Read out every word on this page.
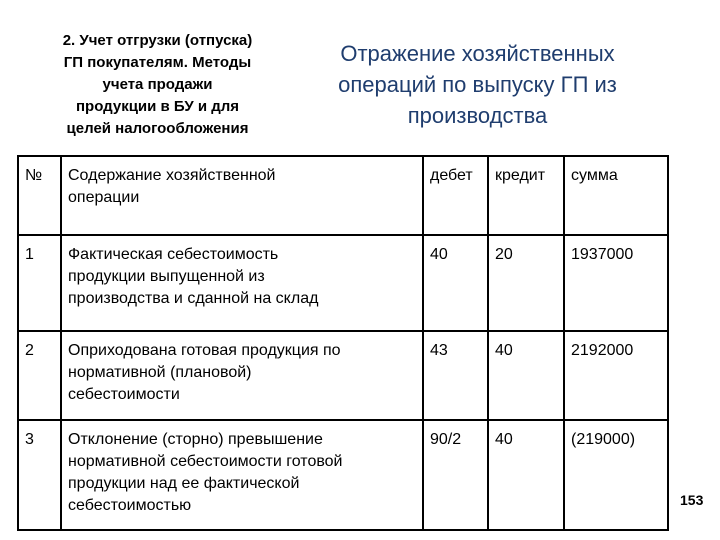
2. Учет отгрузки (отпуска)
ГП покупателям. Методы
учета продажи
продукции в БУ и для
целей налогообложения
Отражение хозяйственных
операций по выпуску ГП из
производства
№	Содержание хозяйственной
операции	дебет	кредит	сумма
1	Фактическая себестоимость
продукции выпущенной из
производства и сданной на склад	40	20	1937000
2	Оприходована готовая продукция по
нормативной (плановой)
себестоимости	43	40	2192000
3	Отклонение (сторно) превышение
нормативной себестоимости готовой
продукции над ее фактической
себестоимостью	90/2	40	(219000)
153
